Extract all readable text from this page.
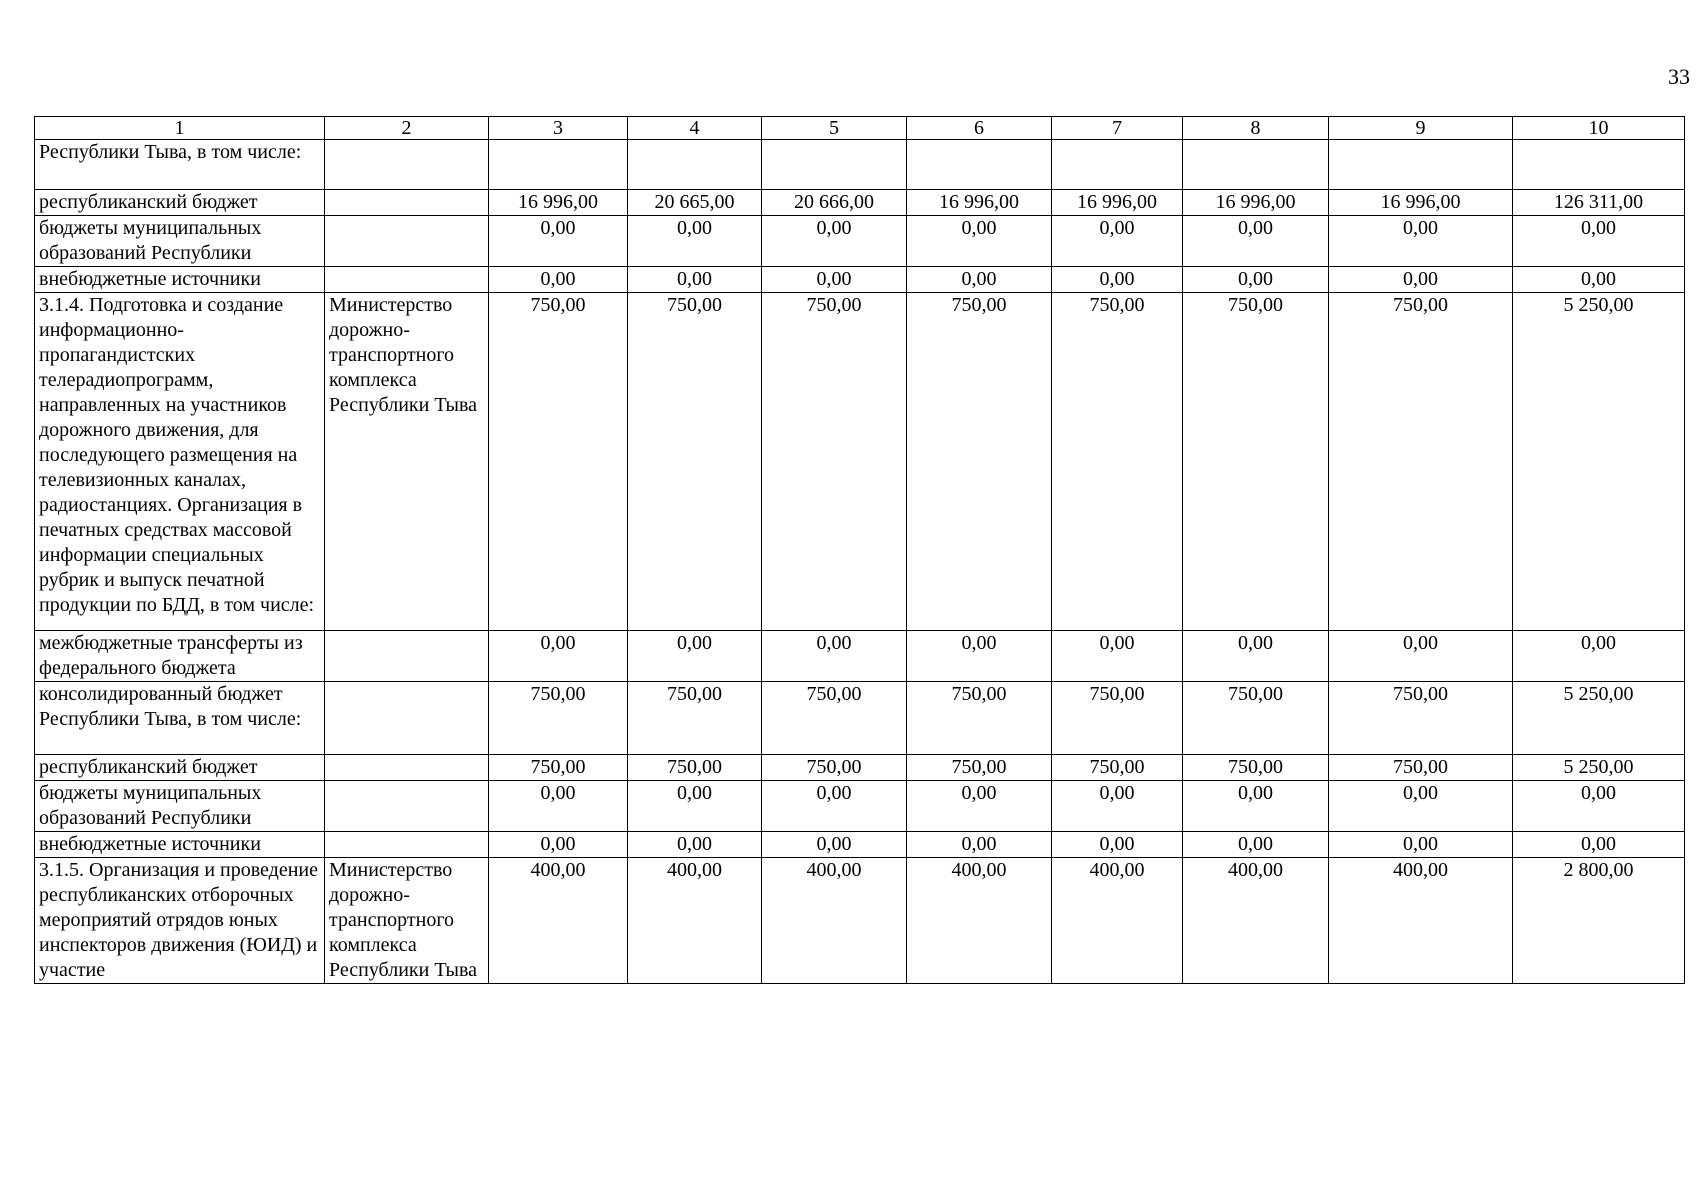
33
1	2	3	4	5	6	7	8	9	10
Республики Тыва, в том числе:									
республиканский бюджет		16 996,00	20 665,00	20 666,00	16 996,00	16 996,00	16 996,00	16 996,00	126 311,00
бюджеты муниципальных образований Республики		0,00	0,00	0,00	0,00	0,00	0,00	0,00	0,00
внебюджетные источники		0,00	0,00	0,00	0,00	0,00	0,00	0,00	0,00
3.1.4. Подготовка и создание информационно-пропагандистских телерадиопрограмм, направленных на участников дорожного движения, для последующего размещения на телевизионных каналах, радиостанциях. Организация в печатных средствах массовой информации специальных рубрик и выпуск печатной продукции по БДД, в том числе:	Министерство дорожно-транспортного комплекса Республики Тыва	750,00	750,00	750,00	750,00	750,00	750,00	750,00	5 250,00
межбюджетные трансферты из федерального бюджета		0,00	0,00	0,00	0,00	0,00	0,00	0,00	0,00
консолидированный бюджет Республики Тыва, в том числе:		750,00	750,00	750,00	750,00	750,00	750,00	750,00	5 250,00
республиканский бюджет		750,00	750,00	750,00	750,00	750,00	750,00	750,00	5 250,00
бюджеты муниципальных образований Республики		0,00	0,00	0,00	0,00	0,00	0,00	0,00	0,00
внебюджетные источники		0,00	0,00	0,00	0,00	0,00	0,00	0,00	0,00
3.1.5. Организация и проведение республиканских отборочных мероприятий отрядов юных инспекторов движения (ЮИД) и участие	Министерство дорожно-транспортного комплекса Республики Тыва	400,00	400,00	400,00	400,00	400,00	400,00	400,00	2 800,00
